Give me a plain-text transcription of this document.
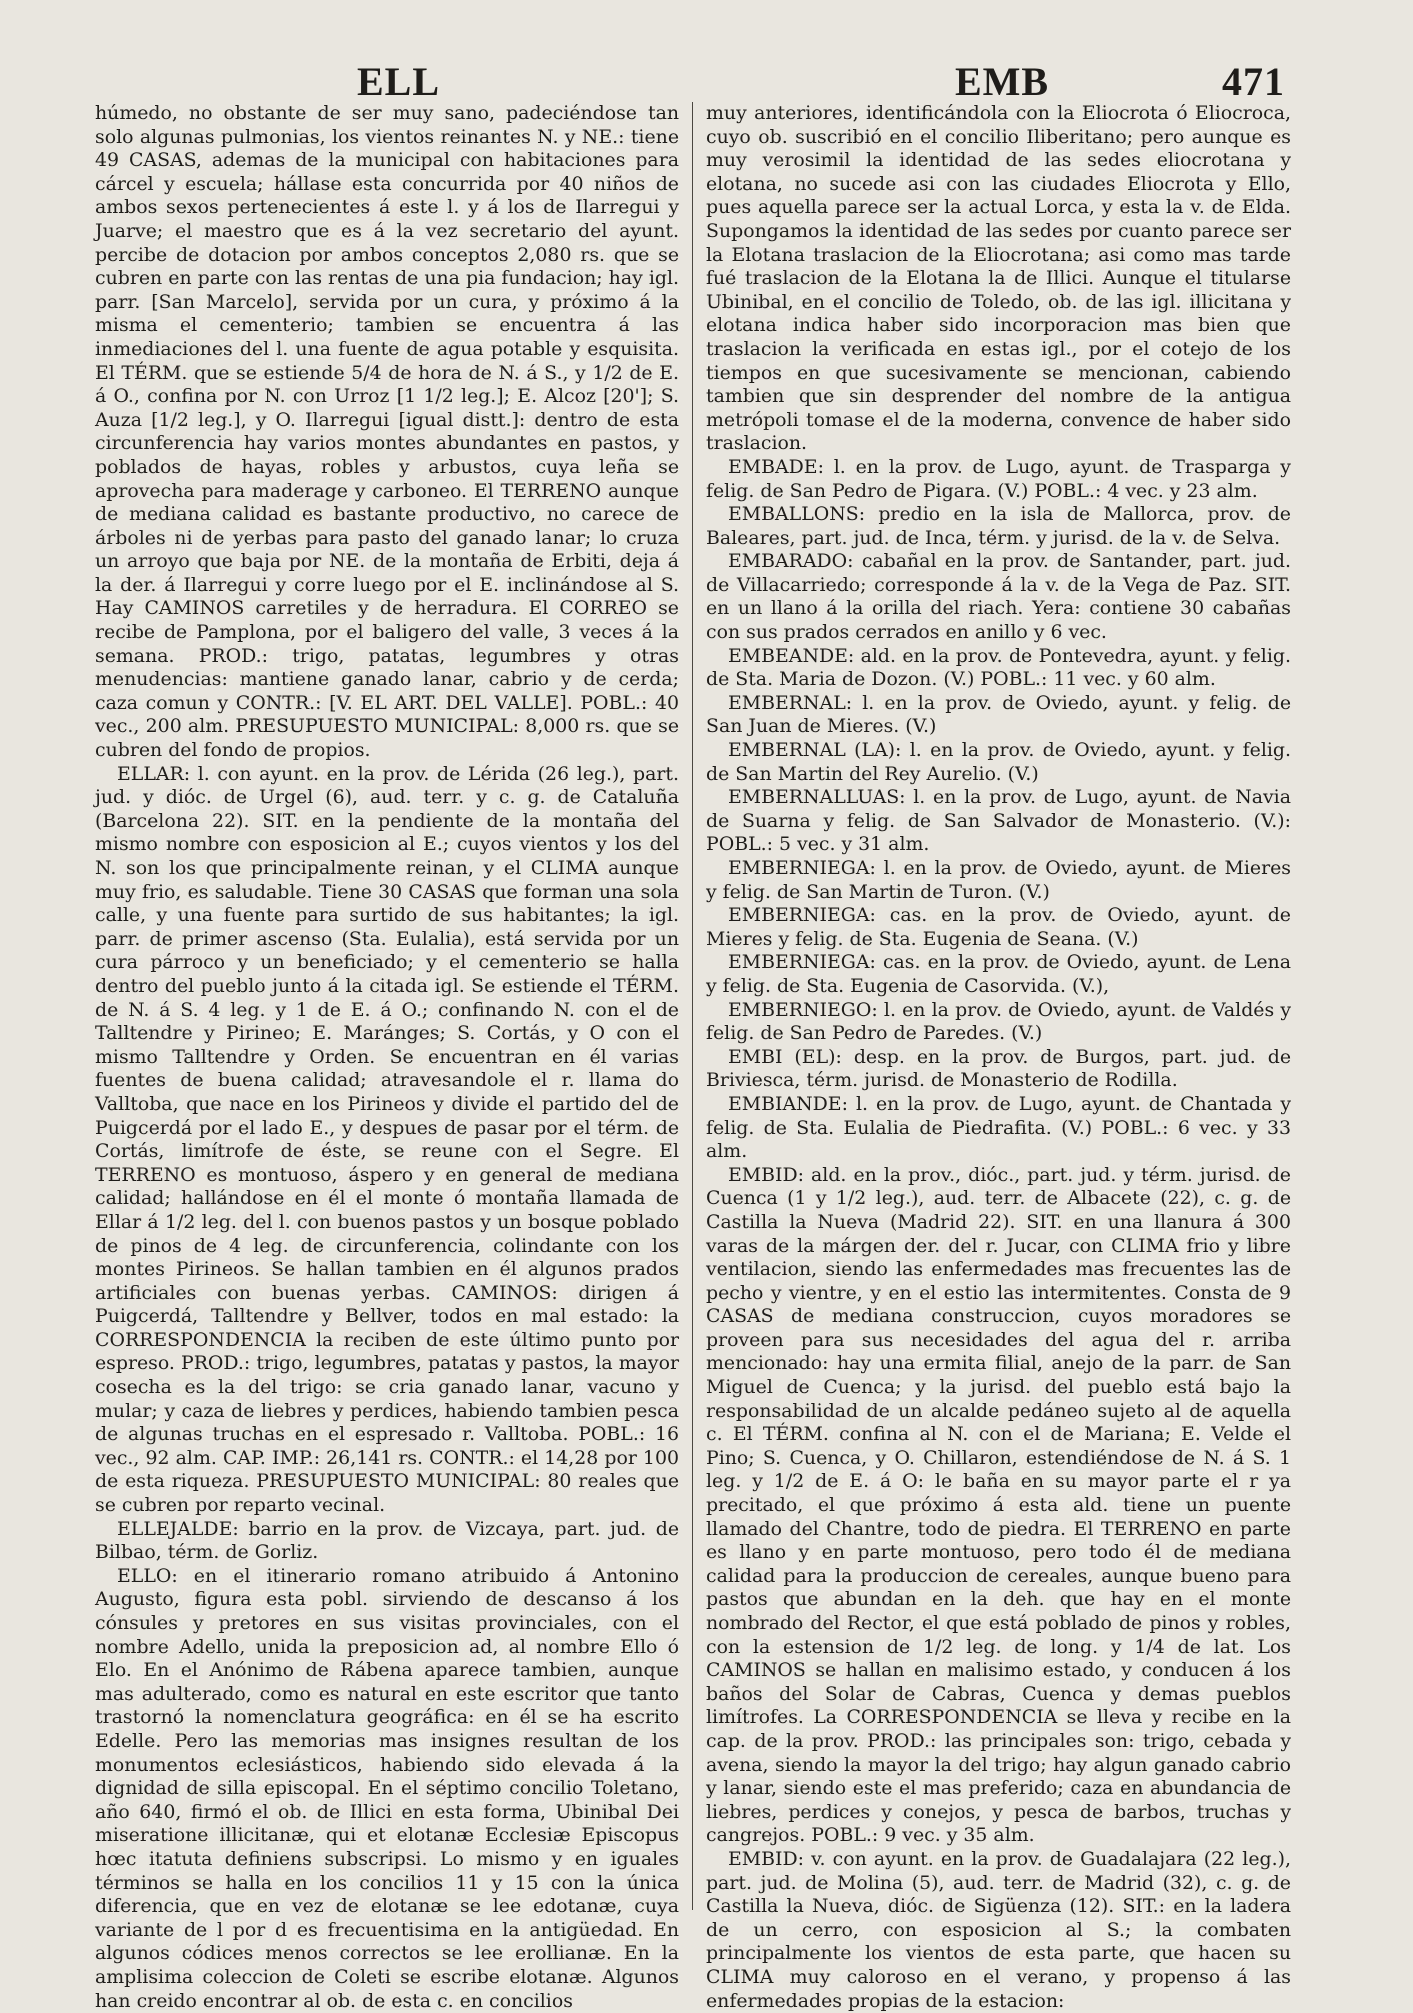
ELL	EMB	471

húmedo, no obstante de ser muy sano, padeciéndose tan solo algunas pulmonias, los vientos reinantes N. y NE.: tiene 49 CASAS, ademas de la municipal con habitaciones para cárcel y escuela; hállase esta concurrida por 40 niños de ambos sexos pertenecientes á este l. y á los de Ilarregui y Juarve; el maestro que es á la vez secretario del ayunt. percibe de dotacion por ambos conceptos 2,080 rs. que se cubren en parte con las rentas de una pia fundacion; hay igl. parr. [San Marcelo], servida por un cura, y próximo á la misma el cementerio; tambien se encuentra á las inmediaciones del l. una fuente de agua potable y esquisita. El TÉRM. que se estiende 5/4 de hora de N. á S., y 1/2 de E. á O., confina por N. con Urroz [1 1/2 leg.]; E. Alcoz [20']; S. Auza [1/2 leg.], y O. Ilarregui [igual distt.]: dentro de esta circunferencia hay varios montes abundantes en pastos, y poblados de hayas, robles y arbustos, cuya leña se aprovecha para maderage y carboneo. El TERRENO aunque de mediana calidad es bastante productivo, no carece de árboles ni de yerbas para pasto del ganado lanar; lo cruza un arroyo que baja por NE. de la montaña de Erbiti, deja á la der. á Ilarregui y corre luego por el E. inclinándose al S. Hay CAMINOS carretiles y de herradura. El CORREO se recibe de Pamplona, por el baligero del valle, 3 veces á la semana. PROD.: trigo, patatas, legumbres y otras menudencias: mantiene ganado lanar, cabrio y de cerda; caza comun y CONTR.: [V. EL ART. DEL VALLE]. POBL.: 40 vec., 200 alm. PRESUPUESTO MUNICIPAL: 8,000 rs. que se cubren del fondo de propios.

ELLAR: l. con ayunt. en la prov. de Lérida (26 leg.), part. jud. y dióc. de Urgel (6), aud. terr. y c. g. de Cataluña (Barcelona 22). SIT. en la pendiente de la montaña del mismo nombre con esposicion al E.; cuyos vientos y los del N. son los que principalmente reinan, y el CLIMA aunque muy frio, es saludable. Tiene 30 CASAS que forman una sola calle, y una fuente para surtido de sus habitantes; la igl. parr. de primer ascenso (Sta. Eulalia), está servida por un cura párroco y un beneficiado; y el cementerio se halla dentro del pueblo junto á la citada igl. Se estiende el TÉRM. de N. á S. 4 leg. y 1 de E. á O.; confinando N. con el de Talltendre y Pirineo; E. Maránges; S. Cortás, y O con el mismo Talltendre y Orden. Se encuentran en él varias fuentes de buena calidad; atravesandole el r. llama do Valltoba, que nace en los Pirineos y divide el partido del de Puigcerdá por el lado E., y despues de pasar por el térm. de Cortás, limítrofe de éste, se reune con el Segre. El TERRENO es montuoso, áspero y en general de mediana calidad; hallándose en él el monte ó montaña llamada de Ellar á 1/2 leg. del l. con buenos pastos y un bosque poblado de pinos de 4 leg. de circunferencia, colindante con los montes Pirineos. Se hallan tambien en él algunos prados artificiales con buenas yerbas. CAMINOS: dirigen á Puigcerdá, Talltendre y Bellver, todos en mal estado: la CORRESPONDENCIA la reciben de este último punto por espreso. PROD.: trigo, legumbres, patatas y pastos, la mayor cosecha es la del trigo: se cria ganado lanar, vacuno y mular; y caza de liebres y perdices, habiendo tambien pesca de algunas truchas en el espresado r. Valltoba. POBL.: 16 vec., 92 alm. CAP. IMP.: 26,141 rs. CONTR.: el 14,28 por 100 de esta riqueza. PRESUPUESTO MUNICIPAL: 80 reales que se cubren por reparto vecinal.

ELLEJALDE: barrio en la prov. de Vizcaya, part. jud. de Bilbao, térm. de Gorliz.

ELLO: en el itinerario romano atribuido á Antonino Augusto, figura esta pobl. sirviendo de descanso á los cónsules y pretores en sus visitas provinciales, con el nombre Adello, unida la preposicion ad, al nombre Ello ó Elo. En el Anónimo de Rábena aparece tambien, aunque mas adulterado, como es natural en este escritor que tanto trastornó la nomenclatura geográfica: en él se ha escrito Edelle. Pero las memorias mas insignes resultan de los monumentos eclesiásticos, habiendo sido elevada á la dignidad de silla episcopal. En el séptimo concilio Toletano, año 640, firmó el ob. de Illici en esta forma, Ubinibal Dei miseratione illicitanæ, qui et elotanæ Ecclesiæ Episcopus hœc itatuta definiens subscripsi. Lo mismo y en iguales términos se halla en los concilios 11 y 15 con la única diferencia, que en vez de elotanæ se lee edotanæ, cuya variante de l por d es frecuentisima en la antigüedad. En algunos códices menos correctos se lee erollianæ. En la amplisima coleccion de Coleti se escribe elotanæ. Algunos han creido encontrar al ob. de esta c. en concilios

muy anteriores, identificándola con la Eliocrota ó Eliocroca, cuyo ob. suscribió en el concilio Iliberitano; pero aunque es muy verosimil la identidad de las sedes eliocrotana y elotana, no sucede asi con las ciudades Eliocrota y Ello, pues aquella parece ser la actual Lorca, y esta la v. de Elda. Supongamos la identidad de las sedes por cuanto parece ser la Elotana traslacion de la Eliocrotana; asi como mas tarde fué traslacion de la Elotana la de Illici. Aunque el titularse Ubinibal, en el concilio de Toledo, ob. de las igl. illicitana y elotana indica haber sido incorporacion mas bien que traslacion la verificada en estas igl., por el cotejo de los tiempos en que sucesivamente se mencionan, cabiendo tambien que sin desprender del nombre de la antigua metrópoli tomase el de la moderna, convence de haber sido traslacion.

EMBADE: l. en la prov. de Lugo, ayunt. de Trasparga y felig. de San Pedro de Pigara. (V.) POBL.: 4 vec. y 23 alm.

EMBALLONS: predio en la isla de Mallorca, prov. de Baleares, part. jud. de Inca, térm. y jurisd. de la v. de Selva.

EMBARADO: cabañal en la prov. de Santander, part. jud. de Villacarriedo; corresponde á la v. de la Vega de Paz. SIT. en un llano á la orilla del riach. Yera: contiene 30 cabañas con sus prados cerrados en anillo y 6 vec.

EMBEANDE: ald. en la prov. de Pontevedra, ayunt. y felig. de Sta. Maria de Dozon. (V.) POBL.: 11 vec. y 60 alm.

EMBERNAL: l. en la prov. de Oviedo, ayunt. y felig. de San Juan de Mieres. (V.)

EMBERNAL (LA): l. en la prov. de Oviedo, ayunt. y felig. de San Martin del Rey Aurelio. (V.)

EMBERNALLUAS: l. en la prov. de Lugo, ayunt. de Navia de Suarna y felig. de San Salvador de Monasterio. (V.): POBL.: 5 vec. y 31 alm.

EMBERNIEGA: l. en la prov. de Oviedo, ayunt. de Mieres y felig. de San Martin de Turon. (V.)

EMBERNIEGA: cas. en la prov. de Oviedo, ayunt. de Mieres y felig. de Sta. Eugenia de Seana. (V.)

EMBERNIEGA: cas. en la prov. de Oviedo, ayunt. de Lena y felig. de Sta. Eugenia de Casorvida. (V.),

EMBERNIEGO: l. en la prov. de Oviedo, ayunt. de Valdés y felig. de San Pedro de Paredes. (V.)

EMBI (EL): desp. en la prov. de Burgos, part. jud. de Briviesca, térm. jurisd. de Monasterio de Rodilla.

EMBIANDE: l. en la prov. de Lugo, ayunt. de Chantada y felig. de Sta. Eulalia de Piedrafita. (V.) POBL.: 6 vec. y 33 alm.

EMBID: ald. en la prov., dióc., part. jud. y térm. jurisd. de Cuenca (1 y 1/2 leg.), aud. terr. de Albacete (22), c. g. de Castilla la Nueva (Madrid 22). SIT. en una llanura á 300 varas de la márgen der. del r. Jucar, con CLIMA frio y libre ventilacion, siendo las enfermedades mas frecuentes las de pecho y vientre, y en el estio las intermitentes. Consta de 9 CASAS de mediana construccion, cuyos moradores se proveen para sus necesidades del agua del r. arriba mencionado: hay una ermita filial, anejo de la parr. de San Miguel de Cuenca; y la jurisd. del pueblo está bajo la responsabilidad de un alcalde pedáneo sujeto al de aquella c. El TÉRM. confina al N. con el de Mariana; E. Velde el Pino; S. Cuenca, y O. Chillaron, estendiéndose de N. á S. 1 leg. y 1/2 de E. á O: le baña en su mayor parte el r ya precitado, el que próximo á esta ald. tiene un puente llamado del Chantre, todo de piedra. El TERRENO en parte es llano y en parte montuoso, pero todo él de mediana calidad para la produccion de cereales, aunque bueno para pastos que abundan en la deh. que hay en el monte nombrado del Rector, el que está poblado de pinos y robles, con la estension de 1/2 leg. de long. y 1/4 de lat. Los CAMINOS se hallan en malisimo estado, y conducen á los baños del Solar de Cabras, Cuenca y demas pueblos limítrofes. La CORRESPONDENCIA se lleva y recibe en la cap. de la prov. PROD.: las principales son: trigo, cebada y avena, siendo la mayor la del trigo; hay algun ganado cabrio y lanar, siendo este el mas preferido; caza en abundancia de liebres, perdices y conejos, y pesca de barbos, truchas y cangrejos. POBL.: 9 vec. y 35 alm.

EMBID: v. con ayunt. en la prov. de Guadalajara (22 leg.), part. jud. de Molina (5), aud. terr. de Madrid (32), c. g. de Castilla la Nueva, dióc. de Sigüenza (12). SIT.: en la ladera de un cerro, con esposicion al S.; la combaten principalmente los vientos de esta parte, que hacen su CLIMA muy caloroso en el verano, y propenso á las enfermedades propias de la estacion:
